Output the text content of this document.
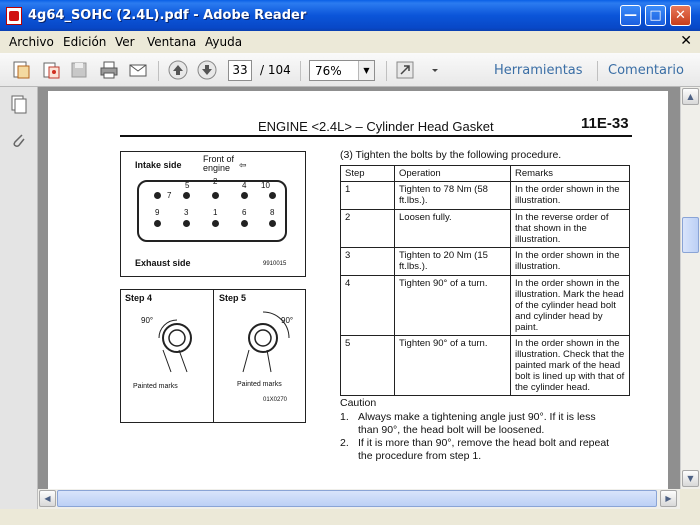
4g64_SOHC (2.4L).pdf - Adobe Reader	— □	✕
Archivo Edición Ver Ventana Ayuda	✕
33	/ 104 76%	▼	Herramientas Comentario
ENGINE <2.4L> – Cylinder Head Gasket	11E-33
Intake side
Front of
engine ⇦
5	2	4 10
7
9	3	1	6	8
Exhaust side	9910015
Step 4	Step 5
90°	90°
Painted marks	Painted marks
01X0270
(3) Tighten the bolts by the following procedure.
Step	Operation	Remarks
1	Tighten to 78 Nm (58 ft.lbs.).	In the order shown in the illustration.
2	Loosen fully.	In the reverse order of that shown in the illustration.
3	Tighten to 20 Nm (15 ft.lbs.).	In the order shown in the illustration.
4	Tighten 90° of a turn.	In the order shown in the illustration. Mark the head of the cylinder head bolt and cylinder head by paint.
5	Tighten 90° of a turn.	In the order shown in the illustration. Check that the painted mark of the head bolt is lined up with that of the cylinder head.
Caution
1. Always make a tightening angle just 90°. If it is less
than 90°, the head bolt will be loosened.
2. If it is more than 90°, remove the head bolt and repeat
the procedure from step 1.
▲
▼
◀	▶
